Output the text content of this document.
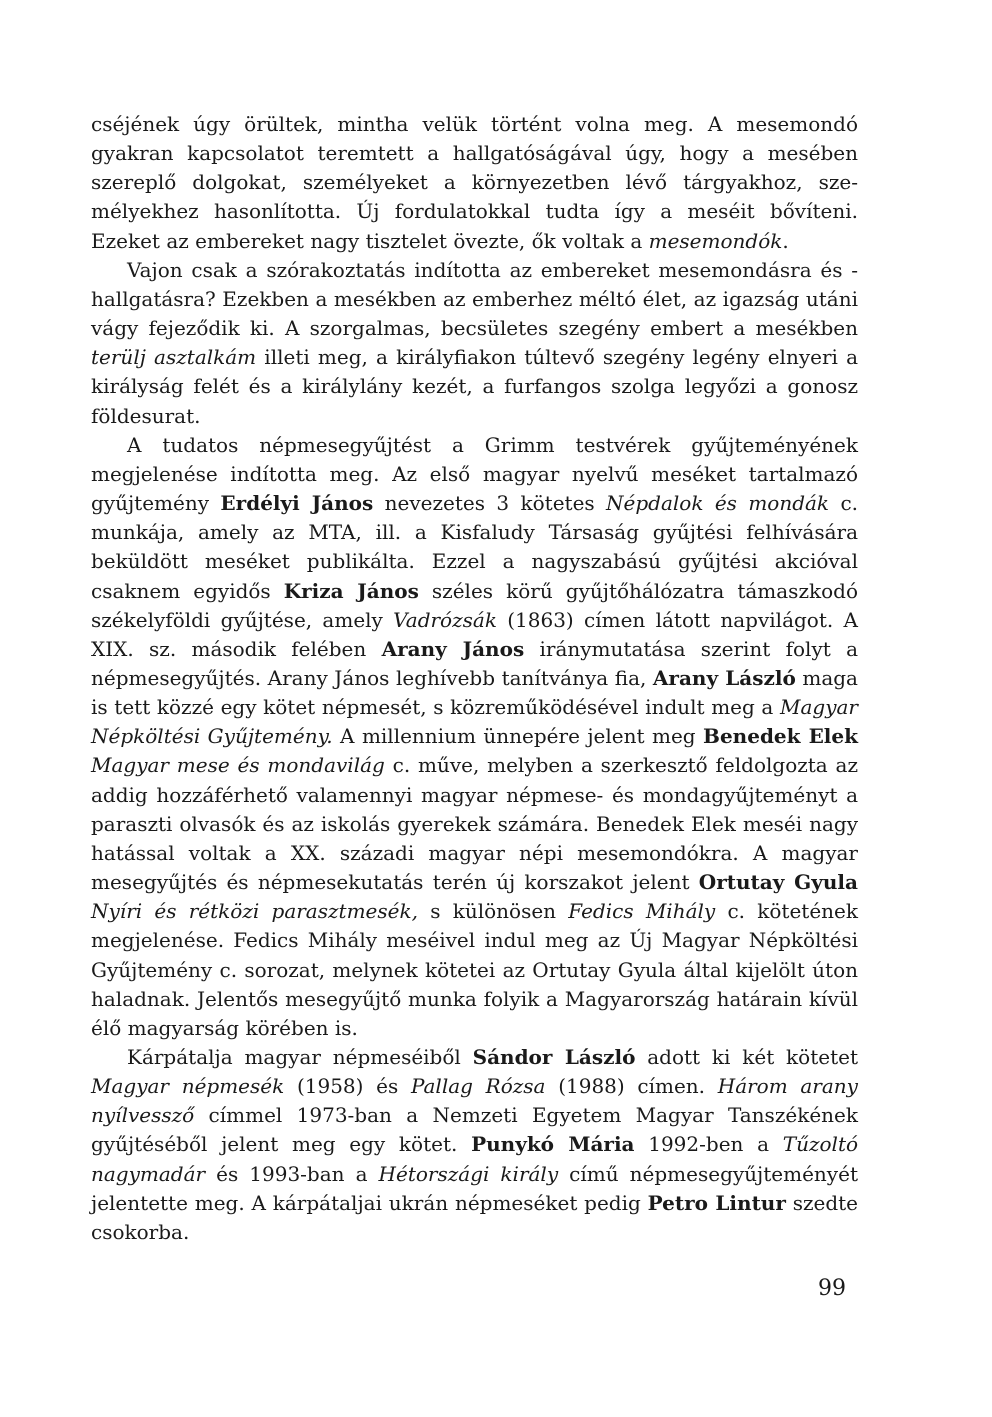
cséjének úgy örültek, mintha velük történt volna meg. A mesemondó gyakran kapcsolatot teremtett a hallgatóságával úgy, hogy a mesében szereplő dolgokat, személyeket a környezetben lévő tárgyakhoz, személyekhez hasonlította. Új fordulatokkal tudta így a meséit bővíteni. Ezeket az embereket nagy tisztelet övezte, ők voltak a mesemondók.

Vajon csak a szórakoztatás indította az embereket mesemondásra és -hallgatásra? Ezekben a mesékben az emberhez méltó élet, az igazság utáni vágy fejeződik ki. A szorgalmas, becsületes szegény embert a mesékben terülj asztalkám illeti meg, a királyfiakon túltevő szegény legény elnyeri a királyság felét és a királylány kezét, a furfangos szolga legyőzi a gonosz földesurat.

A tudatos népmesegyűjtést a Grimm testvérek gyűjteményének megjelenése indította meg. Az első magyar nyelvű meséket tartalmazó gyűjtemény Erdélyi János nevezetes 3 kötetes Népdalok és mondák c. munkája, amely az MTA, ill. a Kisfaludy Társaság gyűjtési felhívására beküldött meséket publikálta. Ezzel a nagyszabású gyűjtési akcióval csaknem egyidős Kriza János széles körű gyűjtőhálózatra támaszkodó székelyföldi gyűjtése, amely Vadrózsák (1863) címen látott napvilágot. A XIX. sz. második felében Arany János iránymutatása szerint folyt a népmesegyűjtés. Arany János leghívebb tanítványa fia, Arany László maga is tett közzé egy kötet népmesét, s közreműködésével indult meg a Magyar Népköltési Gyűjtemény. A millennium ünnepére jelent meg Benedek Elek Magyar mese és mondavilág c. műve, melyben a szerkesztő feldolgozta az addig hozzáférhető valamennyi magyar népmese- és mondagyűjteményt a paraszti olvasók és az iskolás gyerekek számára. Benedek Elek meséi nagy hatással voltak a XX. századi magyar népi mesemondókra. A magyar mesegyűjtés és népmesekutatás terén új korszakot jelent Ortutay Gyula Nyíri és rétközi parasztmesék, s különösen Fedics Mihály c. kötetének megjelenése. Fedics Mihály meséivel indul meg az Új Magyar Népköltési Gyűjtemény c. sorozat, melynek kötetei az Ortutay Gyula által kijelölt úton haladnak. Jelentős mesegyűjtő munka folyik a Magyarország határain kívül élő magyarság körében is.

Kárpátalja magyar népmeséiből Sándor László adott ki két kötetet Magyar népmesék (1958) és Pallag Rózsa (1988) címen. Három arany nyílvessző címmel 1973-ban a Nemzeti Egyetem Magyar Tanszékének gyűjtéséből jelent meg egy kötet. Punykó Mária 1992-ben a Tűzoltó nagymadár és 1993-ban a Hétországi király című népmesegyűjteményét jelentette meg. A kárpátaljai ukrán népmeséket pedig Petro Lintur szedte csokorba.

99
